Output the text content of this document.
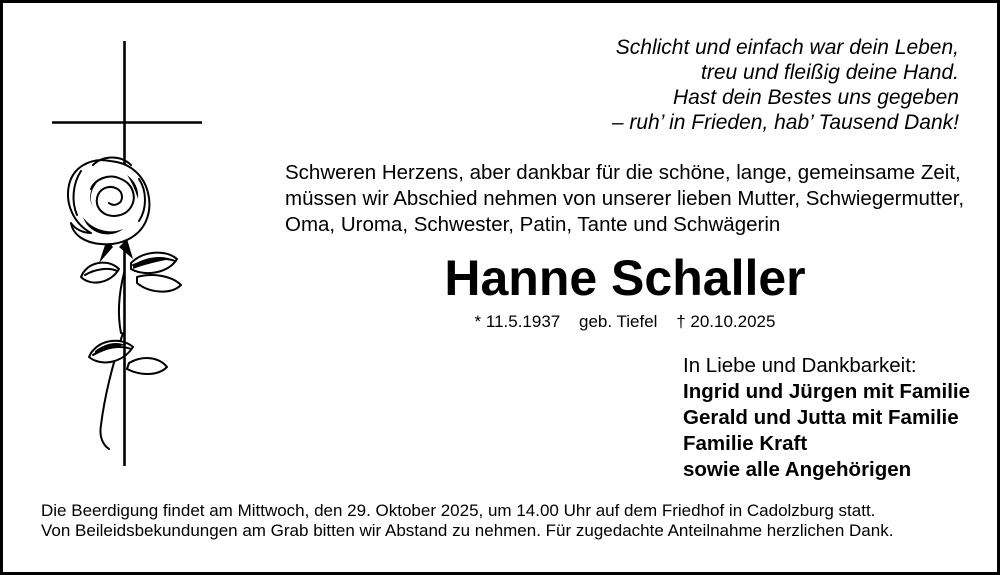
Schlicht und einfach war dein Leben,
treu und fleißig deine Hand.
Hast dein Bestes uns gegeben
– ruh’ in Frieden, hab’ Tausend Dank!
Schweren Herzens, aber dankbar für die schöne, lange, gemeinsame Zeit,
müssen wir Abschied nehmen von unserer lieben Mutter, Schwiegermutter,
Oma, Uroma, Schwester, Patin, Tante und Schwägerin
Hanne Schaller
* 11.5.1937 geb. Tiefel † 20.10.2025
In Liebe und Dankbarkeit:
Ingrid und Jürgen mit Familie
Gerald und Jutta mit Familie
Familie Kraft
sowie alle Angehörigen
Die Beerdigung findet am Mittwoch, den 29. Oktober 2025, um 14.00 Uhr auf dem Friedhof in Cadolzburg statt.
Von Beileidsbekundungen am Grab bitten wir Abstand zu nehmen. Für zugedachte Anteilnahme herzlichen Dank.
